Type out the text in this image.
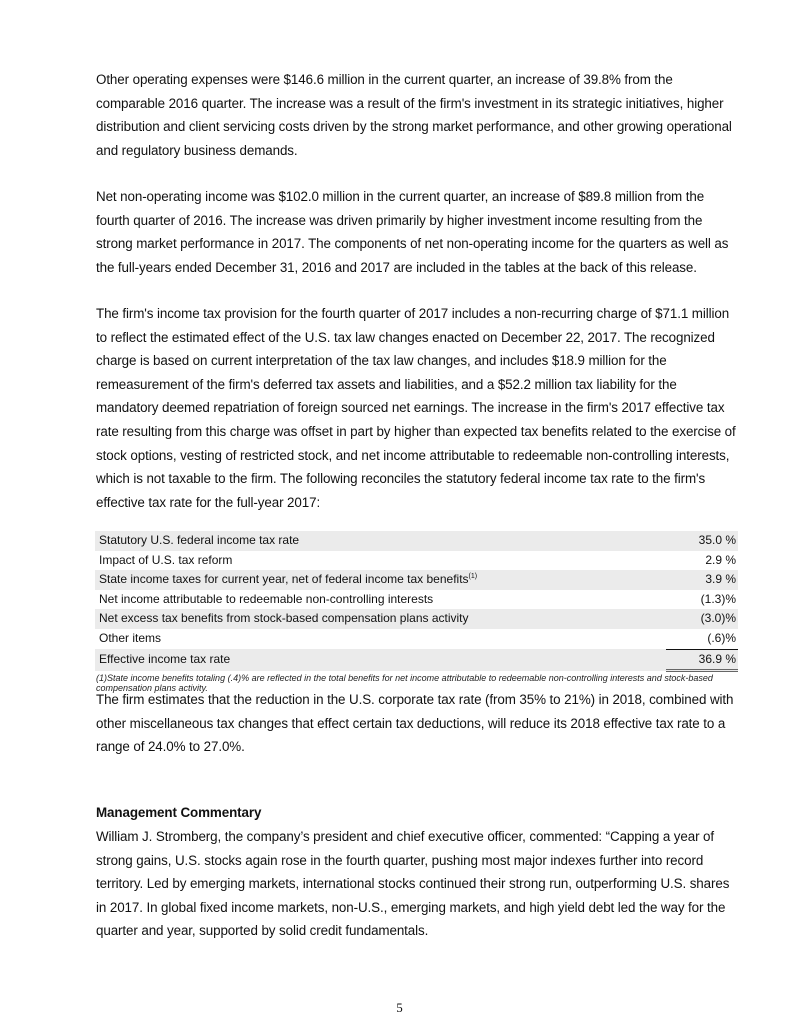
Other operating expenses were $146.6 million in the current quarter, an increase of 39.8% from the comparable 2016 quarter. The increase was a result of the firm's investment in its strategic initiatives, higher distribution and client servicing costs driven by the strong market performance, and other growing operational and regulatory business demands.

Net non-operating income was $102.0 million in the current quarter, an increase of $89.8 million from the fourth quarter of 2016. The increase was driven primarily by higher investment income resulting from the strong market performance in 2017. The components of net non-operating income for the quarters as well as the full-years ended December 31, 2016 and 2017 are included in the tables at the back of this release.

The firm's income tax provision for the fourth quarter of 2017 includes a non-recurring charge of $71.1 million to reflect the estimated effect of the U.S. tax law changes enacted on December 22, 2017. The recognized charge is based on current interpretation of the tax law changes, and includes $18.9 million for the remeasurement of the firm's deferred tax assets and liabilities, and a $52.2 million tax liability for the mandatory deemed repatriation of foreign sourced net earnings. The increase in the firm's 2017 effective tax rate resulting from this charge was offset in part by higher than expected tax benefits related to the exercise of stock options, vesting of restricted stock, and net income attributable to redeemable non-controlling interests, which is not taxable to the firm. The following reconciles the statutory federal income tax rate to the firm's effective tax rate for the full-year 2017:

Statutory U.S. federal income tax rate	35.0 %
Impact of U.S. tax reform	2.9 %
State income taxes for current year, net of federal income tax benefits$^{(1)}$	3.9 %
Net income attributable to redeemable non-controlling interests	(1.3)%
Net excess tax benefits from stock-based compensation plans activity	(3.0)%
Other items	(.6)%
Effective income tax rate	36.9 %

(1)State income benefits totaling (.4)% are reflected in the total benefits for net income attributable to redeemable non-controlling interests and stock-based compensation plans activity.

The firm estimates that the reduction in the U.S. corporate tax rate (from 35% to 21%) in 2018, combined with other miscellaneous tax changes that effect certain tax deductions, will reduce its 2018 effective tax rate to a range of 24.0% to 27.0%.

Management Commentary

William J. Stromberg, the company’s president and chief executive officer, commented: “Capping a year of strong gains, U.S. stocks again rose in the fourth quarter, pushing most major indexes further into record territory. Led by emerging markets, international stocks continued their strong run, outperforming U.S. shares in 2017. In global fixed income markets, non-U.S., emerging markets, and high yield debt led the way for the quarter and year, supported by solid credit fundamentals.

5
